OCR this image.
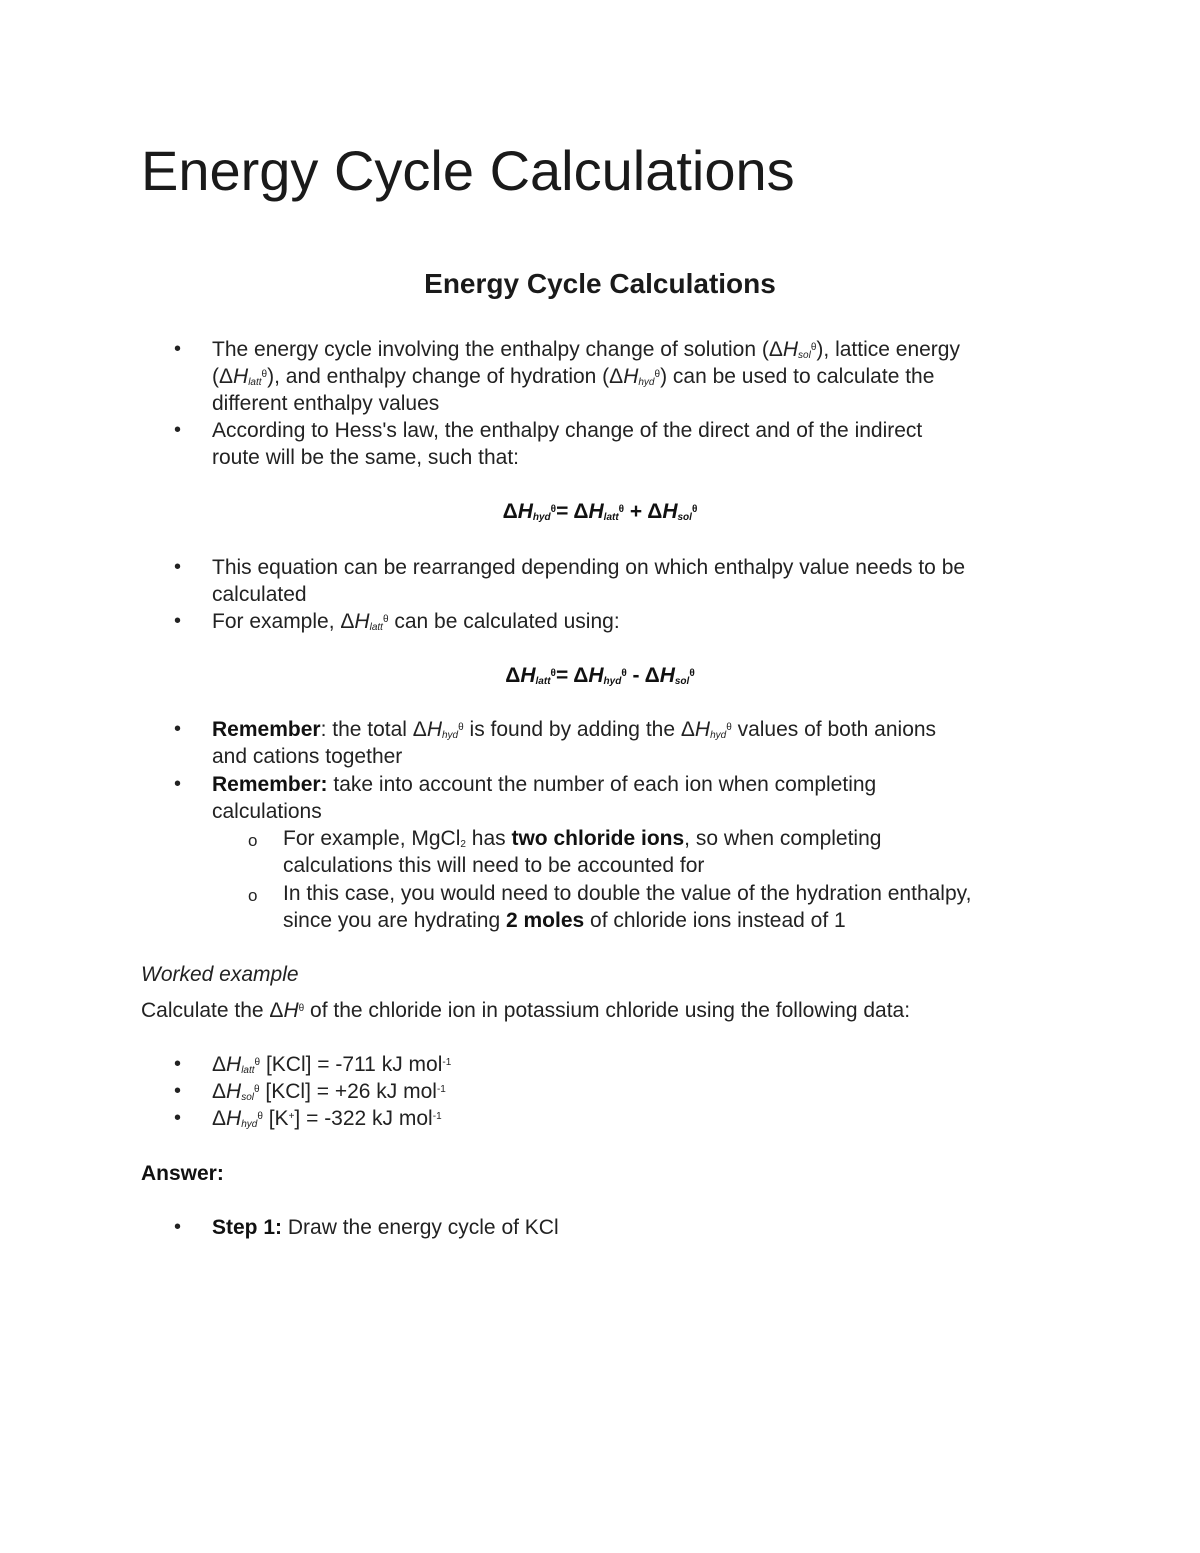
Energy Cycle Calculations
Energy Cycle Calculations
• The energy cycle involving the enthalpy change of solution $(\Delta H_{sol}^\theta)$, lattice energy
$(\Delta H_{latt}^\theta)$, and enthalpy change of hydration $(\Delta H_{hyd}^\theta)$ can be used to calculate the
different enthalpy values

• According to Hess's law, the enthalpy change of the direct and of the indirect
route will be the same, such that:

$\Delta H_{hyd}^\theta= \Delta H_{latt}^\theta + \Delta H_{sol}^\theta$
• This equation can be rearranged depending on which enthalpy value needs to be
calculated

• For example, $\Delta H_{latt}^\theta$ can be calculated using:

$\Delta H_{latt}^\theta= \Delta H_{hyd}^\theta - \Delta H_{sol}^\theta$
• Remember: the total $\Delta H_{hyd}^\theta$ is found by adding the $\Delta H_{hyd}^\theta$ values of both anions
and cations together

• Remember: take into account the number of each ion when completing
calculations

o For example, MgCl$_2$ has two chloride ions, so when completing
calculations this will need to be accounted for

o In this case, you would need to double the value of the hydration enthalpy,
since you are hydrating 2 moles of chloride ions instead of 1

Worked example

Calculate the $\Delta H^\theta$ of the chloride ion in potassium chloride using the following data:

• $\Delta H_{latt}^\theta$ [KCl] = -711 kJ mol$^{-1}$

• $\Delta H_{sol}^\theta$ [KCl] = +26 kJ mol$^{-1}$

• $\Delta H_{hyd}^\theta$ [K+] = -322 kJ mol$^{-1}$

Answer:

• Step 1: Draw the energy cycle of KCl
